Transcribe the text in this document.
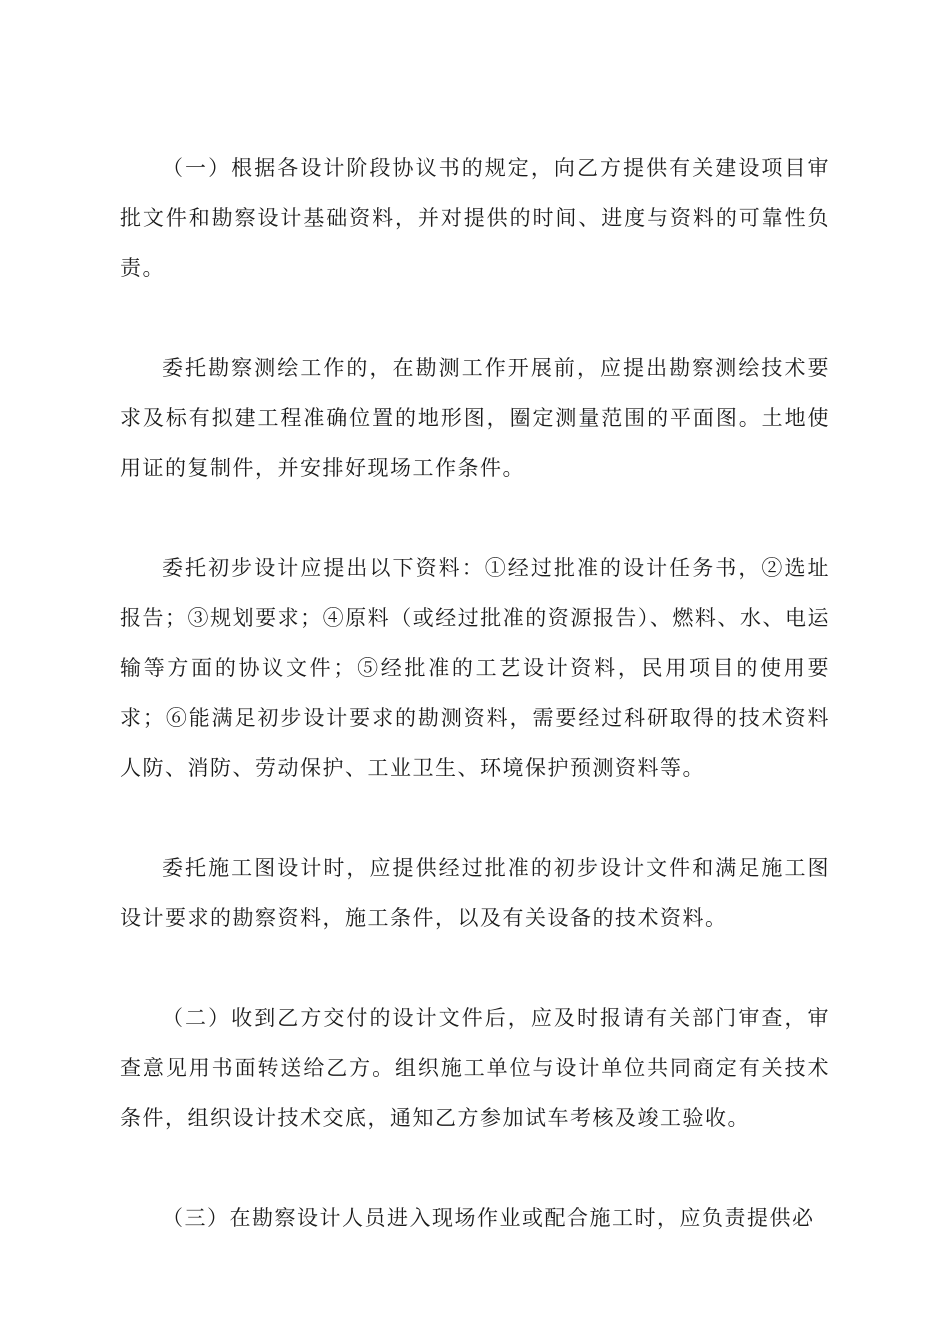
（一）根据各设计阶段协议书的规定，向乙方提供有关建设项目审批文件和勘察设计基础资料，并对提供的时间、进度与资料的可靠性负责。

委托勘察测绘工作的，在勘测工作开展前，应提出勘察测绘技术要求及标有拟建工程准确位置的地形图，圈定测量范围的平面图。土地使用证的复制件，并安排好现场工作条件。

委托初步设计应提出以下资料：①经过批准的设计任务书，②选址报告；③规划要求；④原料（或经过批准的资源报告）、燃料、水、电运输等方面的协议文件；⑤经批准的工艺设计资料，民用项目的使用要求；⑥能满足初步设计要求的勘测资料，需要经过科研取得的技术资料人防、消防、劳动保护、工业卫生、环境保护预测资料等。

委托施工图设计时，应提供经过批准的初步设计文件和满足施工图设计要求的勘察资料，施工条件，以及有关设备的技术资料。

（二）收到乙方交付的设计文件后，应及时报请有关部门审查，审查意见用书面转送给乙方。组织施工单位与设计单位共同商定有关技术条件，组织设计技术交底，通知乙方参加试车考核及竣工验收。

（三）在勘察设计人员进入现场作业或配合施工时，应负责提供必
